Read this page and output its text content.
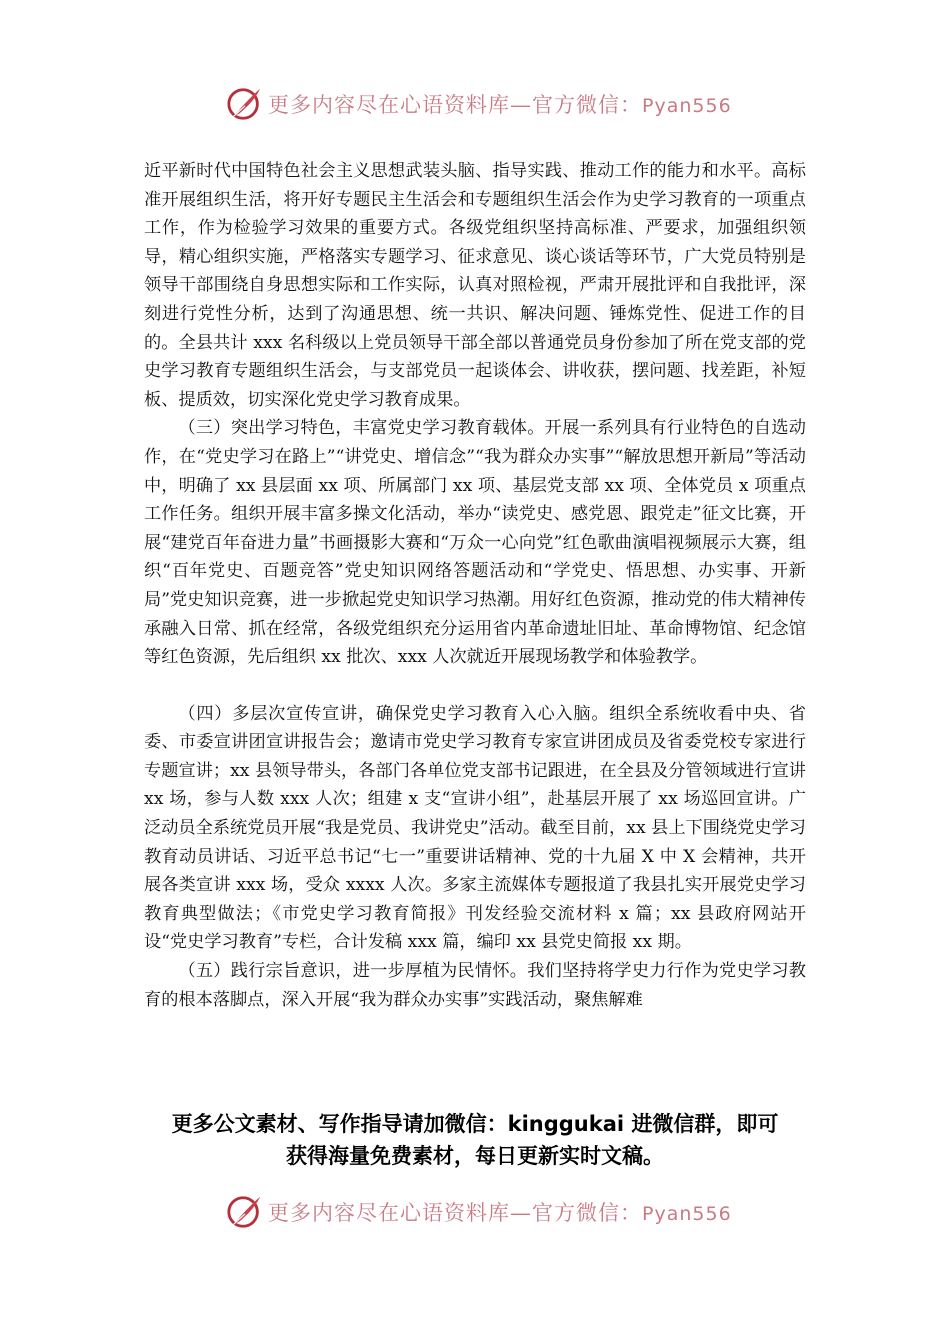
更多内容尽在心语资料库—官方微信：Pyan556

近平新时代中国特色社会主义思想武装头脑、指导实践、推动工作的能力和水平。高标准开展组织生活，将开好专题民主生活会和专题组织生活会作为史学习教育的一项重点工作，作为检验学习效果的重要方式。各级党组织坚持高标准、严要求，加强组织领导，精心组织实施，严格落实专题学习、征求意见、谈心谈话等环节，广大党员特别是领导干部围绕自身思想实际和工作实际，认真对照检视，严肃开展批评和自我批评，深刻进行党性分析，达到了沟通思想、统一共识、解决问题、锤炼党性、促进工作的目的。全县共计 xxx 名科级以上党员领导干部全部以普通党员身份参加了所在党支部的党史学习教育专题组织生活会，与支部党员一起谈体会、讲收获，摆问题、找差距，补短板、提质效，切实深化党史学习教育成果。

（三）突出学习特色，丰富党史学习教育载体。开展一系列具有行业特色的自选动作，在“党史学习在路上”“讲党史、增信念”“我为群众办实事”“解放思想开新局”等活动中，明确了 xx 县层面 xx 项、所属部门 xx 项、基层党支部 xx 项、全体党员 x 项重点工作任务。组织开展丰富多操文化活动，举办“读党史、感党恩、跟党走”征文比赛，开展“建党百年奋进力量”书画摄影大赛和“万众一心向党”红色歌曲演唱视频展示大赛，组织“百年党史、百题竞答”党史知识网络答题活动和“学党史、悟思想、办实事、开新局”党史知识竞赛，进一步掀起党史知识学习热潮。用好红色资源，推动党的伟大精神传承融入日常、抓在经常，各级党组织充分运用省内革命遗址旧址、革命博物馆、纪念馆等红色资源，先后组织 xx 批次、xxx 人次就近开展现场教学和体验教学。

（四）多层次宣传宣讲，确保党史学习教育入心入脑。组织全系统收看中央、省委、市委宣讲团宣讲报告会；邀请市党史学习教育专家宣讲团成员及省委党校专家进行专题宣讲；xx 县领导带头，各部门各单位党支部书记跟进，在全县及分管领域进行宣讲 xx 场，参与人数 xxx 人次；组建 x 支“宣讲小组”，赴基层开展了 xx 场巡回宣讲。广泛动员全系统党员开展“我是党员、我讲党史”活动。截至目前，xx 县上下围绕党史学习教育动员讲话、习近平总书记“七一”重要讲话精神、党的十九届 X 中 X 会精神，共开展各类宣讲 xxx 场，受众 xxxx 人次。多家主流媒体专题报道了我县扎实开展党史学习教育典型做法；《市党史学习教育简报》刊发经验交流材料 x 篇；xx 县政府网站开设“党史学习教育”专栏，合计发稿 xxx 篇，编印 xx 县党史简报 xx 期。

（五）践行宗旨意识，进一步厚植为民情怀。我们坚持将学史力行作为党史学习教育的根本落脚点，深入开展“我为群众办实事”实践活动，聚焦解难

更多公文素材、写作指导请加微信：kinggukai 进微信群，即可
获得海量免费素材，每日更新实时文稿。
更多内容尽在心语资料库—官方微信：Pyan556
